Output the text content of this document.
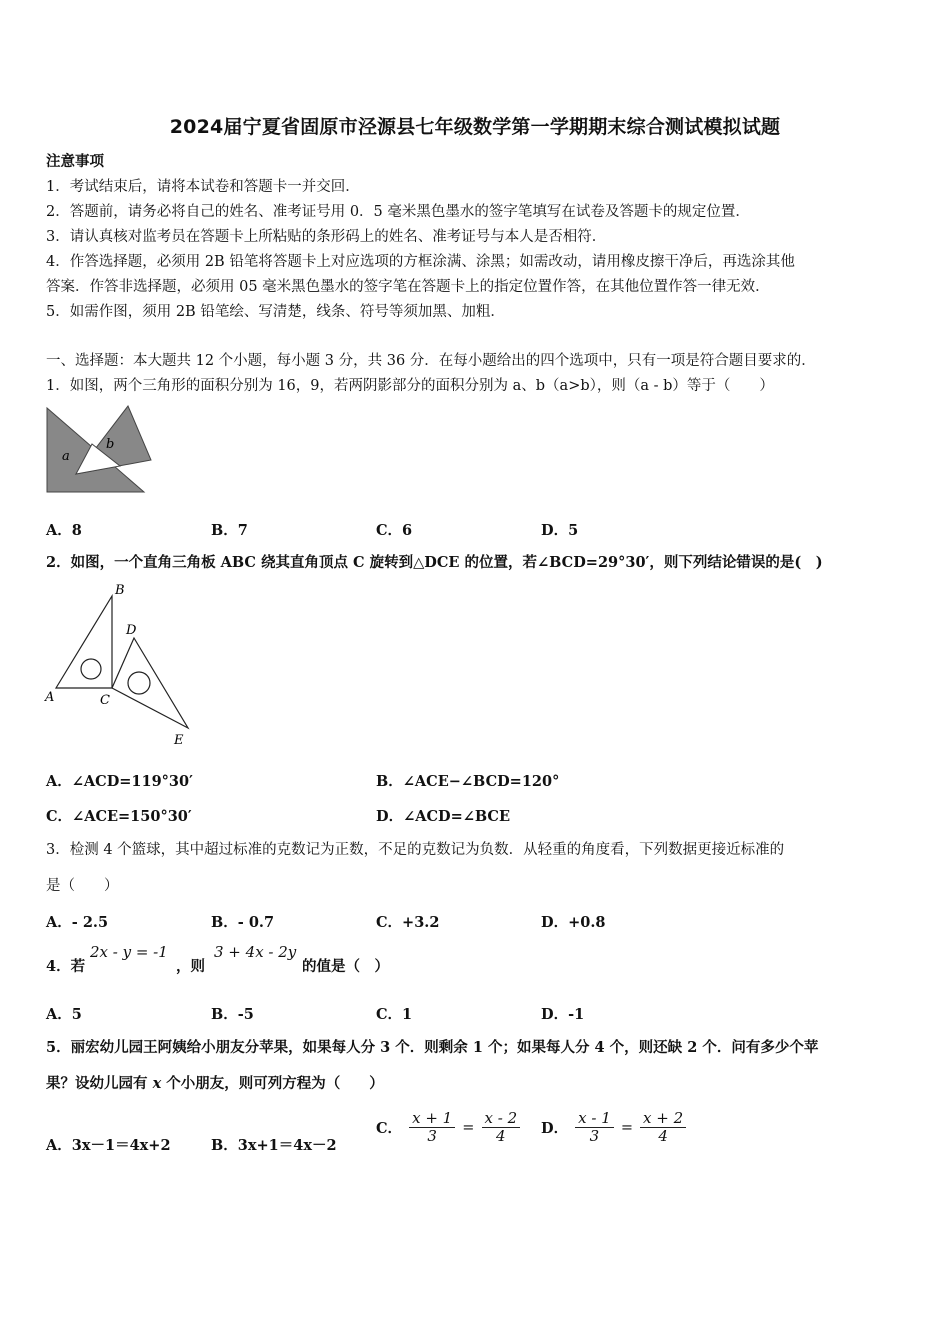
2024届宁夏省固原市泾源县七年级数学第一学期期末综合测试模拟试题
注意事项
1．考试结束后，请将本试卷和答题卡一并交回．
2．答题前，请务必将自己的姓名、准考证号用 0．5 毫米黑色墨水的签字笔填写在试卷及答题卡的规定位置．
3．请认真核对监考员在答题卡上所粘贴的条形码上的姓名、准考证号与本人是否相符．
4．作答选择题，必须用 2B 铅笔将答题卡上对应选项的方框涂满、涂黑；如需改动，请用橡皮擦干净后，再选涂其他
答案．作答非选择题，必须用 05 毫米黑色墨水的签字笔在答题卡上的指定位置作答，在其他位置作答一律无效．
5．如需作图，须用 2B 铅笔绘、写清楚，线条、符号等须加黑、加粗．
一、选择题：本大题共 12 个小题，每小题 3 分，共 36 分．在每小题给出的四个选项中，只有一项是符合题目要求的．
1．如图，两个三角形的面积分别为 16，9，若两阴影部分的面积分别为 a、b（a>b），则（a - b）等于（　　）
a
b
A．8	B．7	C．6	D．5
2．如图，一个直角三角板 ABC 绕其直角顶点 C 旋转到△DCE 的位置，若∠BCD=29°30′，则下列结论错误的是(　)
A
B
C
D
E
A．∠ACD=119°30′	B．∠ACE−∠BCD=120°
C．∠ACE=150°30′	D．∠ACD=∠BCE
3．检测 4 个篮球，其中超过标准的克数记为正数，不足的克数记为负数．从轻重的角度看，下列数据更接近标准的
是（　　）
A．- 2.5	B．- 0.7	C．+3.2	D．+0.8
4．若
2x - y = -1
，则
3 + 4x - 2y
的值是（　）
A．5	B．-5	C．1	D．-1
5．丽宏幼儿园王阿姨给小朋友分苹果，如果每人分 3 个．则剩余 1 个；如果每人分 4 个，则还缺 2 个．问有多少个苹
果？设幼儿园有 x 个小朋友，则可列方程为（　　）
A．3x－1＝4x+2	B．3x+1＝4x－2
C． $\frac{x + 1}{3} = \frac{x - 2}{4}$ D． $\frac{x - 1}{3} = \frac{x + 2}{4}$
